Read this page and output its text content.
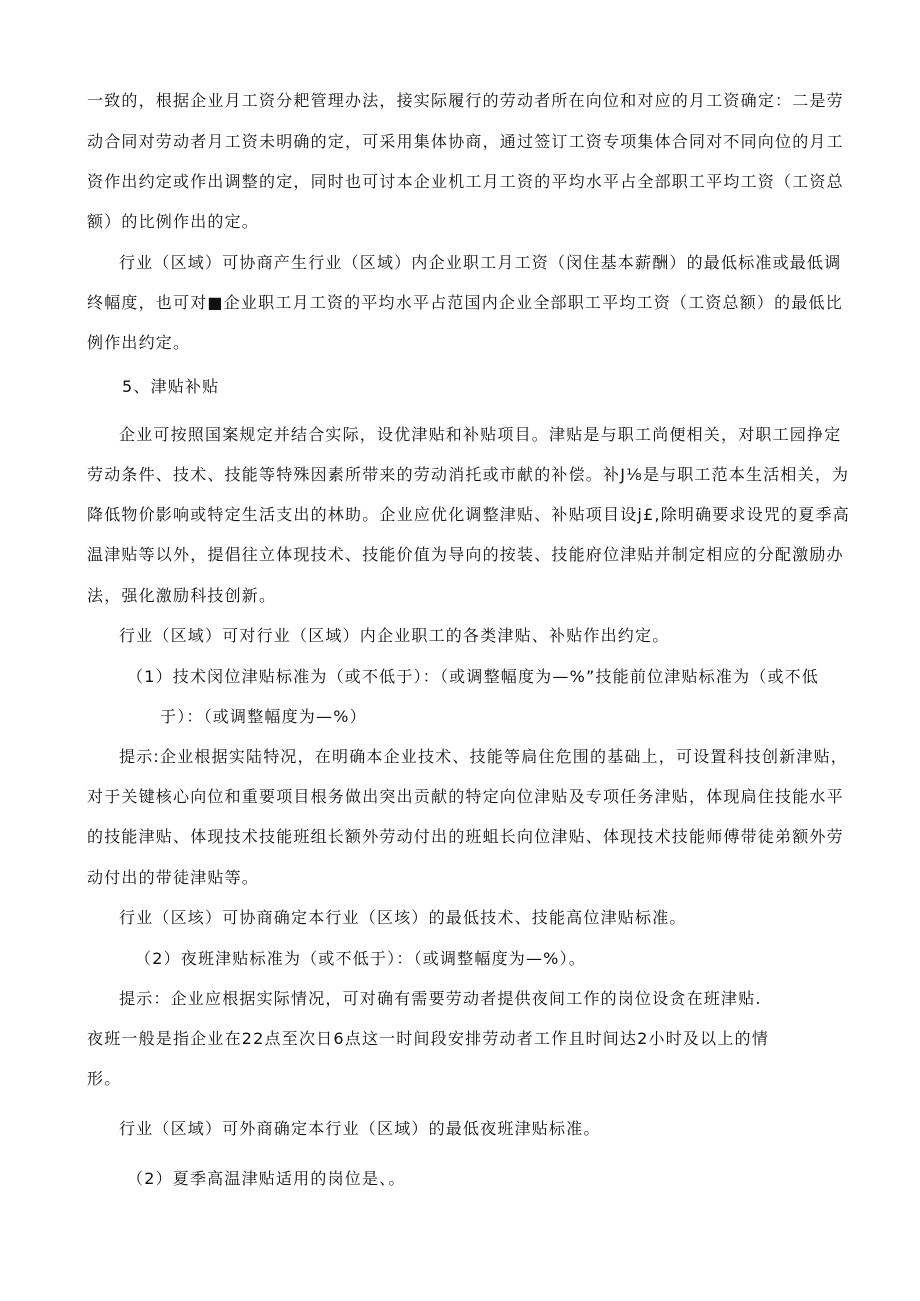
一致的，根据企业月工资分耙管理办法，接实际履行的劳动者所在向位和对应的月工资确定：二是劳
动合同对劳动者月工资未明确的定，可采用集体协商，通过签订工资专项集体合同对不同向位的月工
资作出约定或作出调整的定，同时也可讨本企业机工月工资的平均水平占全部职工平均工资（工资总
额）的比例作出的定。
行业（区域）可协商产生行业（区域）内企业职工月工资（闵住基本薪酬）的最低标准或最低调
终幅度，也可对■企业职工月工资的平均水平占范国内企业全部职工平均工资（工资总额）的最低比
例作出约定。
5、津贴补贴
企业可按照国案规定并结合实际，设优津贴和补贴项目。津贴是与职工尚便相关，对职工园挣定
劳动条件、技术、技能等特殊因素所带来的劳动消托或市献的补偿。补J⅛是与职工范本生活相关，为
降低物价影响或特定生活支出的林助。企业应优化调整津贴、补贴项目设j£,除明确要求设咒的夏季高
温津贴等以外，提倡往立体现技术、技能价值为导向的按装、技能府位津贴并制定相应的分配激励办
法，强化激励科技创新。
行业（区域）可对行业（区域）内企业职工的各类津贴、补贴作出约定。
（1）技术闵位津贴标准为（或不低于）：（或调整幅度为—%”技能前位津贴标准为（或不低
于）：（或调整幅度为—%）
提示:企业根据实陆特况，在明确本企业技术、技能等扃住危围的基础上，可设置科技创新津贴，
对于关键核心向位和重要项目根务做出突出贡献的特定向位津贴及专项任务津贴，体现扃住技能水平
的技能津贴、体现技术技能班组长额外劳动付出的班蛆长向位津贴、体现技术技能师傅带徒弟额外劳
动付出的带徒津贴等。
行业（区垓）可协商确定本行业（区垓）的最低技术、技能高位津贴标准。
（2）夜班津贴标准为（或不低于）：（或调整幅度为—%）。
提示：企业应根据实际情况，可对确有需要劳动者提供夜间工作的岗位设贪在班津贴.
夜班一般是指企业在22点至次日6点这一时间段安排劳动者工作且时间达2小时及以上的情
形。
行业（区域）可外商确定本行业（区域）的最低夜班津贴标准。
（2）夏季高温津贴适用的岗位是、。
